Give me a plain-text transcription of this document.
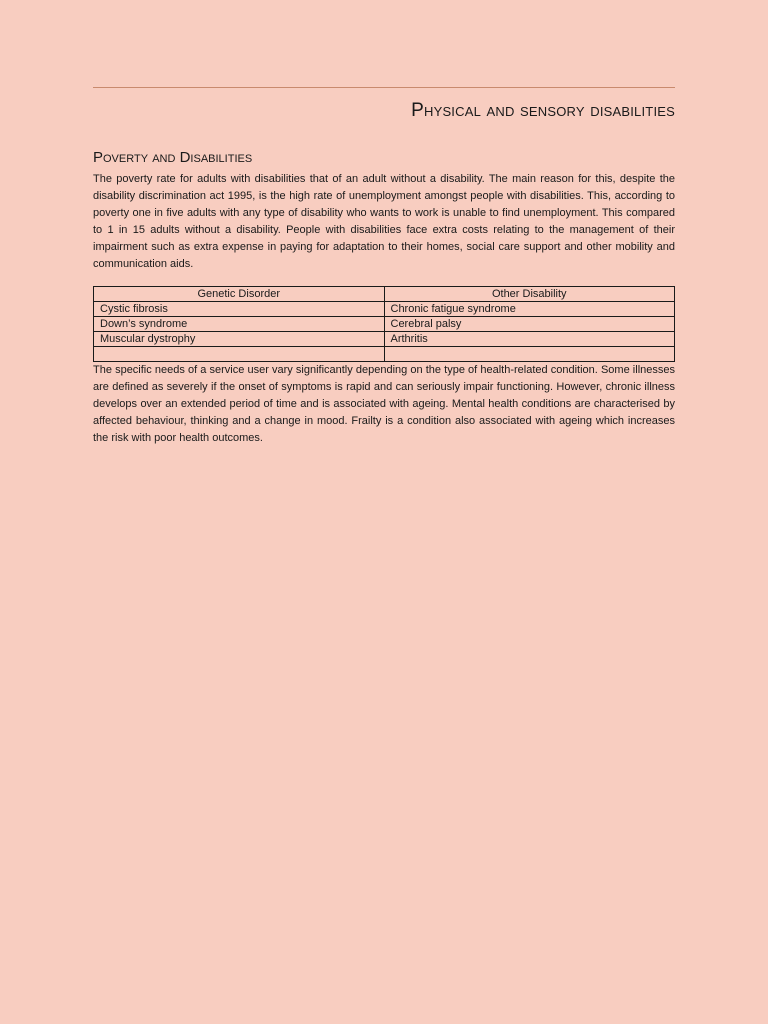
Physical and sensory disabilities
Poverty and Disabilities

The poverty rate for adults with disabilities that of an adult without a disability. The main reason for this, despite the disability discrimination act 1995, is the high rate of unemployment amongst people with disabilities. This, according to poverty one in five adults with any type of disability who wants to work is unable to find unemployment. This compared to 1 in 15 adults without a disability. People with disabilities face extra costs relating to the management of their impairment such as extra expense in paying for adaptation to their homes, social care support and other mobility and communication aids.

Genetic Disorder	Other Disability
Cystic fibrosis	Chronic fatigue syndrome
Down’s syndrome	Cerebral palsy
Muscular dystrophy	Arthritis

The specific needs of a service user vary significantly depending on the type of health-related condition. Some illnesses are defined as severely if the onset of symptoms is rapid and can seriously impair functioning. However, chronic illness develops over an extended period of time and is associated with ageing. Mental health conditions are characterised by affected behaviour, thinking and a change in mood. Frailty is a condition also associated with ageing which increases the risk with poor health outcomes.
